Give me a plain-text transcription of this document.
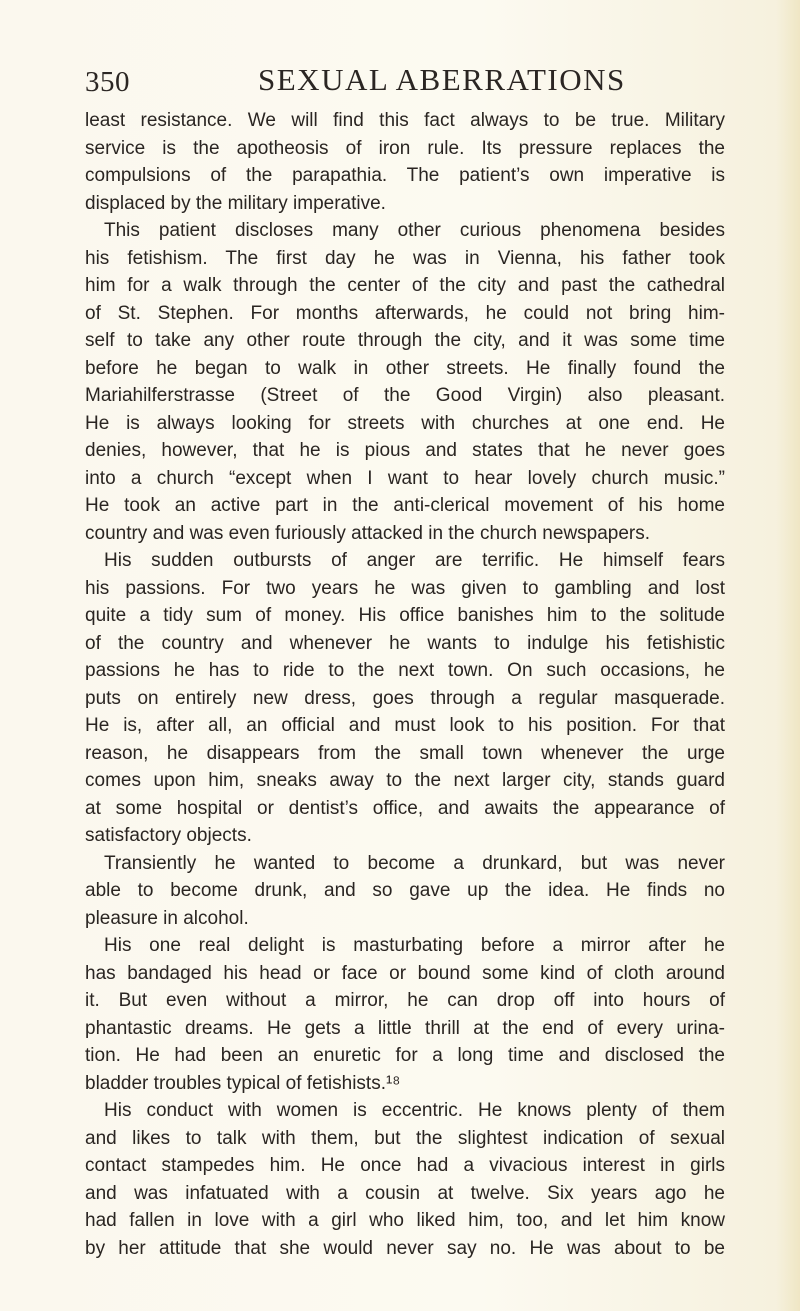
350	SEXUAL ABERRATIONS
least resistance. We will find this fact always to be true. Military
service is the apotheosis of iron rule. Its pressure replaces the
compulsions of the parapathia. The patient’s own imperative is
displaced by the military imperative.
This patient discloses many other curious phenomena besides
his fetishism. The first day he was in Vienna, his father took
him for a walk through the center of the city and past the cathedral
of St. Stephen. For months afterwards, he could not bring him-
self to take any other route through the city, and it was some time
before he began to walk in other streets. He finally found the
Mariahilferstrasse (Street of the Good Virgin) also pleasant.
He is always looking for streets with churches at one end. He
denies, however, that he is pious and states that he never goes
into a church “except when I want to hear lovely church music.”
He took an active part in the anti-clerical movement of his home
country and was even furiously attacked in the church newspapers.
His sudden outbursts of anger are terrific. He himself fears
his passions. For two years he was given to gambling and lost
quite a tidy sum of money. His office banishes him to the solitude
of the country and whenever he wants to indulge his fetishistic
passions he has to ride to the next town. On such occasions, he
puts on entirely new dress, goes through a regular masquerade.
He is, after all, an official and must look to his position. For that
reason, he disappears from the small town whenever the urge
comes upon him, sneaks away to the next larger city, stands guard
at some hospital or dentist’s office, and awaits the appearance of
satisfactory objects.
Transiently he wanted to become a drunkard, but was never
able to become drunk, and so gave up the idea. He finds no
pleasure in alcohol.
His one real delight is masturbating before a mirror after he
has bandaged his head or face or bound some kind of cloth around
it. But even without a mirror, he can drop off into hours of
phantastic dreams. He gets a little thrill at the end of every urina-
tion. He had been an enuretic for a long time and disclosed the
bladder troubles typical of fetishists.¹⁸
His conduct with women is eccentric. He knows plenty of them
and likes to talk with them, but the slightest indication of sexual
contact stampedes him. He once had a vivacious interest in girls
and was infatuated with a cousin at twelve. Six years ago he
had fallen in love with a girl who liked him, too, and let him know
by her attitude that she would never say no. He was about to be
